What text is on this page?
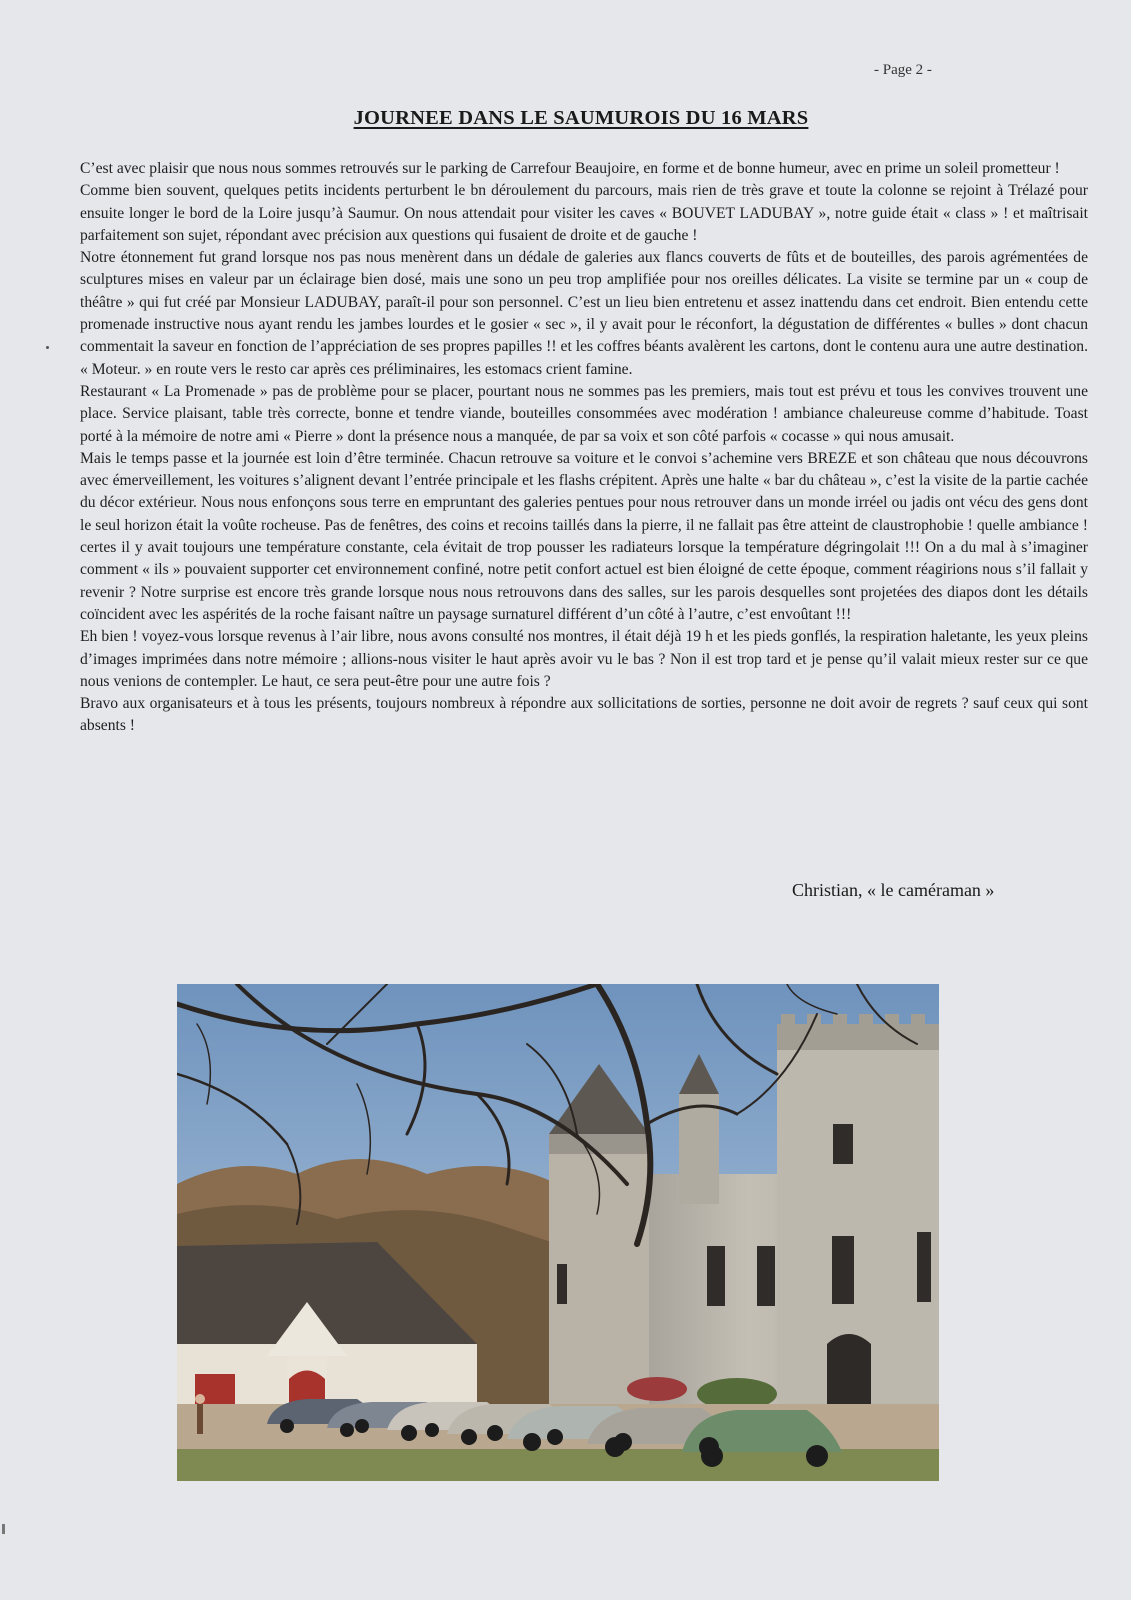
- Page 2 -
JOURNEE DANS LE SAUMUROIS DU 16 MARS

C’est avec plaisir que nous nous sommes retrouvés sur le parking de Carrefour Beaujoire, en forme et de bonne humeur, avec en prime un soleil prometteur !

Comme bien souvent, quelques petits incidents perturbent le bn déroulement du parcours, mais rien de très grave et toute la colonne se rejoint à Trélazé pour ensuite longer le bord de la Loire jusqu’à Saumur. On nous attendait pour visiter les caves « BOUVET LADUBAY », notre guide était « class » ! et maîtrisait parfaitement son sujet, répondant avec précision aux questions qui fusaient de droite et de gauche !

Notre étonnement fut grand lorsque nos pas nous menèrent dans un dédale de galeries aux flancs couverts de fûts et de bouteilles, des parois agrémentées de sculptures mises en valeur par un éclairage bien dosé, mais une sono un peu trop amplifiée pour nos oreilles délicates. La visite se termine par un « coup de théâtre » qui fut créé par Monsieur LADUBAY, paraît-il pour son personnel. C’est un lieu bien entretenu et assez inattendu dans cet endroit. Bien entendu cette promenade instructive nous ayant rendu les jambes lourdes et le gosier « sec », il y avait pour le réconfort, la dégustation de différentes « bulles » dont chacun commentait la saveur en fonction de l’appréciation de ses propres papilles !! et les coffres béants avalèrent les cartons, dont le contenu aura une autre destination. « Moteur. » en route vers le resto car après ces préliminaires, les estomacs crient famine.

Restaurant « La Promenade » pas de problème pour se placer, pourtant nous ne sommes pas les premiers, mais tout est prévu et tous les convives trouvent une place. Service plaisant, table très correcte, bonne et tendre viande, bouteilles consommées avec modération ! ambiance chaleureuse comme d’habitude. Toast porté à la mémoire de notre ami « Pierre » dont la présence nous a manquée, de par sa voix et son côté parfois « cocasse » qui nous amusait.

Mais le temps passe et la journée est loin d’être terminée. Chacun retrouve sa voiture et le convoi s’achemine vers BREZE et son château que nous découvrons avec émerveillement, les voitures s’alignent devant l’entrée principale et les flashs crépitent. Après une halte « bar du château », c’est la visite de la partie cachée du décor extérieur. Nous nous enfonçons sous terre en empruntant des galeries pentues pour nous retrouver dans un monde irréel ou jadis ont vécu des gens dont le seul horizon était la voûte rocheuse. Pas de fenêtres, des coins et recoins taillés dans la pierre, il ne fallait pas être atteint de claustrophobie ! quelle ambiance ! certes il y avait toujours une température constante, cela évitait de trop pousser les radiateurs lorsque la température dégringolait !!! On a du mal à s’imaginer comment « ils » pouvaient supporter cet environnement confiné, notre petit confort actuel est bien éloigné de cette époque, comment réagirions nous s’il fallait y revenir ? Notre surprise est encore très grande lorsque nous nous retrouvons dans des salles, sur les parois desquelles sont projetées des diapos dont les détails coïncident avec les aspérités de la roche faisant naître un paysage surnaturel différent d’un côté à l’autre, c’est envoûtant !!!

Eh bien ! voyez-vous lorsque revenus à l’air libre, nous avons consulté nos montres, il était déjà 19 h et les pieds gonflés, la respiration haletante, les yeux pleins d’images imprimées dans notre mémoire ; allions-nous visiter le haut après avoir vu le bas ? Non il est trop tard et je pense qu’il valait mieux rester sur ce que nous venions de contempler. Le haut, ce sera peut-être pour une autre fois ?

Bravo aux organisateurs et à tous les présents, toujours nombreux à répondre aux sollicitations de sorties, personne ne doit avoir de regrets ? sauf ceux qui sont absents !

Christian, « le caméraman »
